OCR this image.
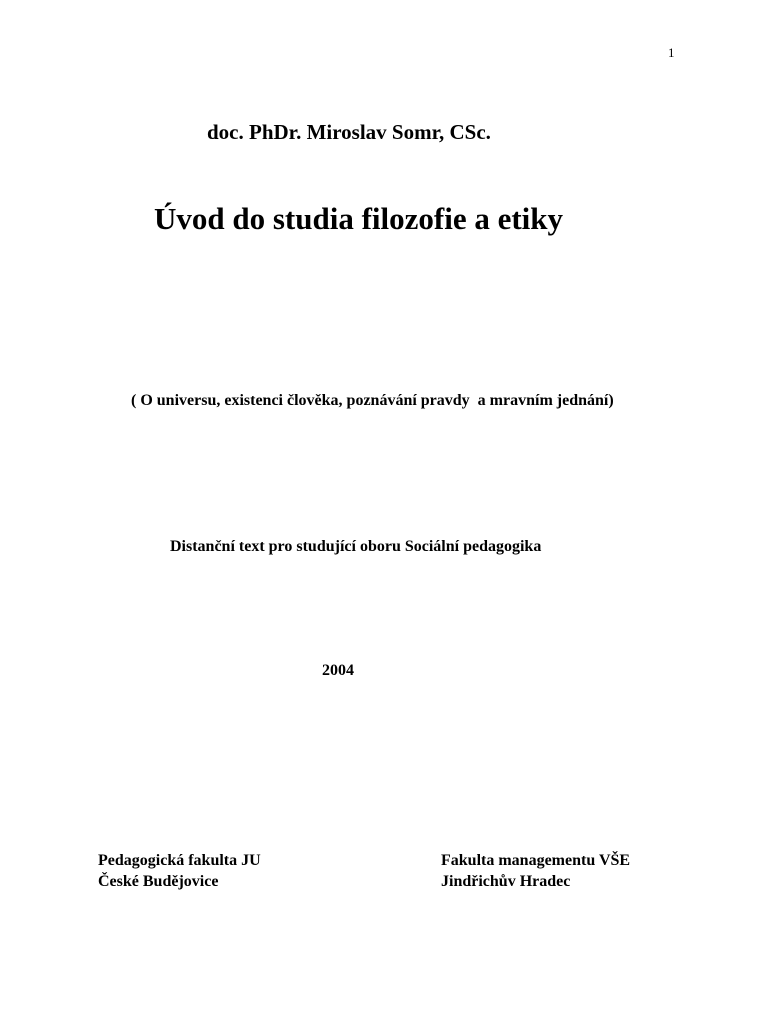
1
doc. PhDr. Miroslav Somr, CSc.
Úvod do studia filozofie a etiky
( O universu, existenci člověka, poznávání pravdy  a mravním jednání)
Distanční text pro studující oboru Sociální pedagogika
2004
Pedagogická fakulta JU
České Budějovice
Fakulta managementu VŠE
Jindřichův Hradec
